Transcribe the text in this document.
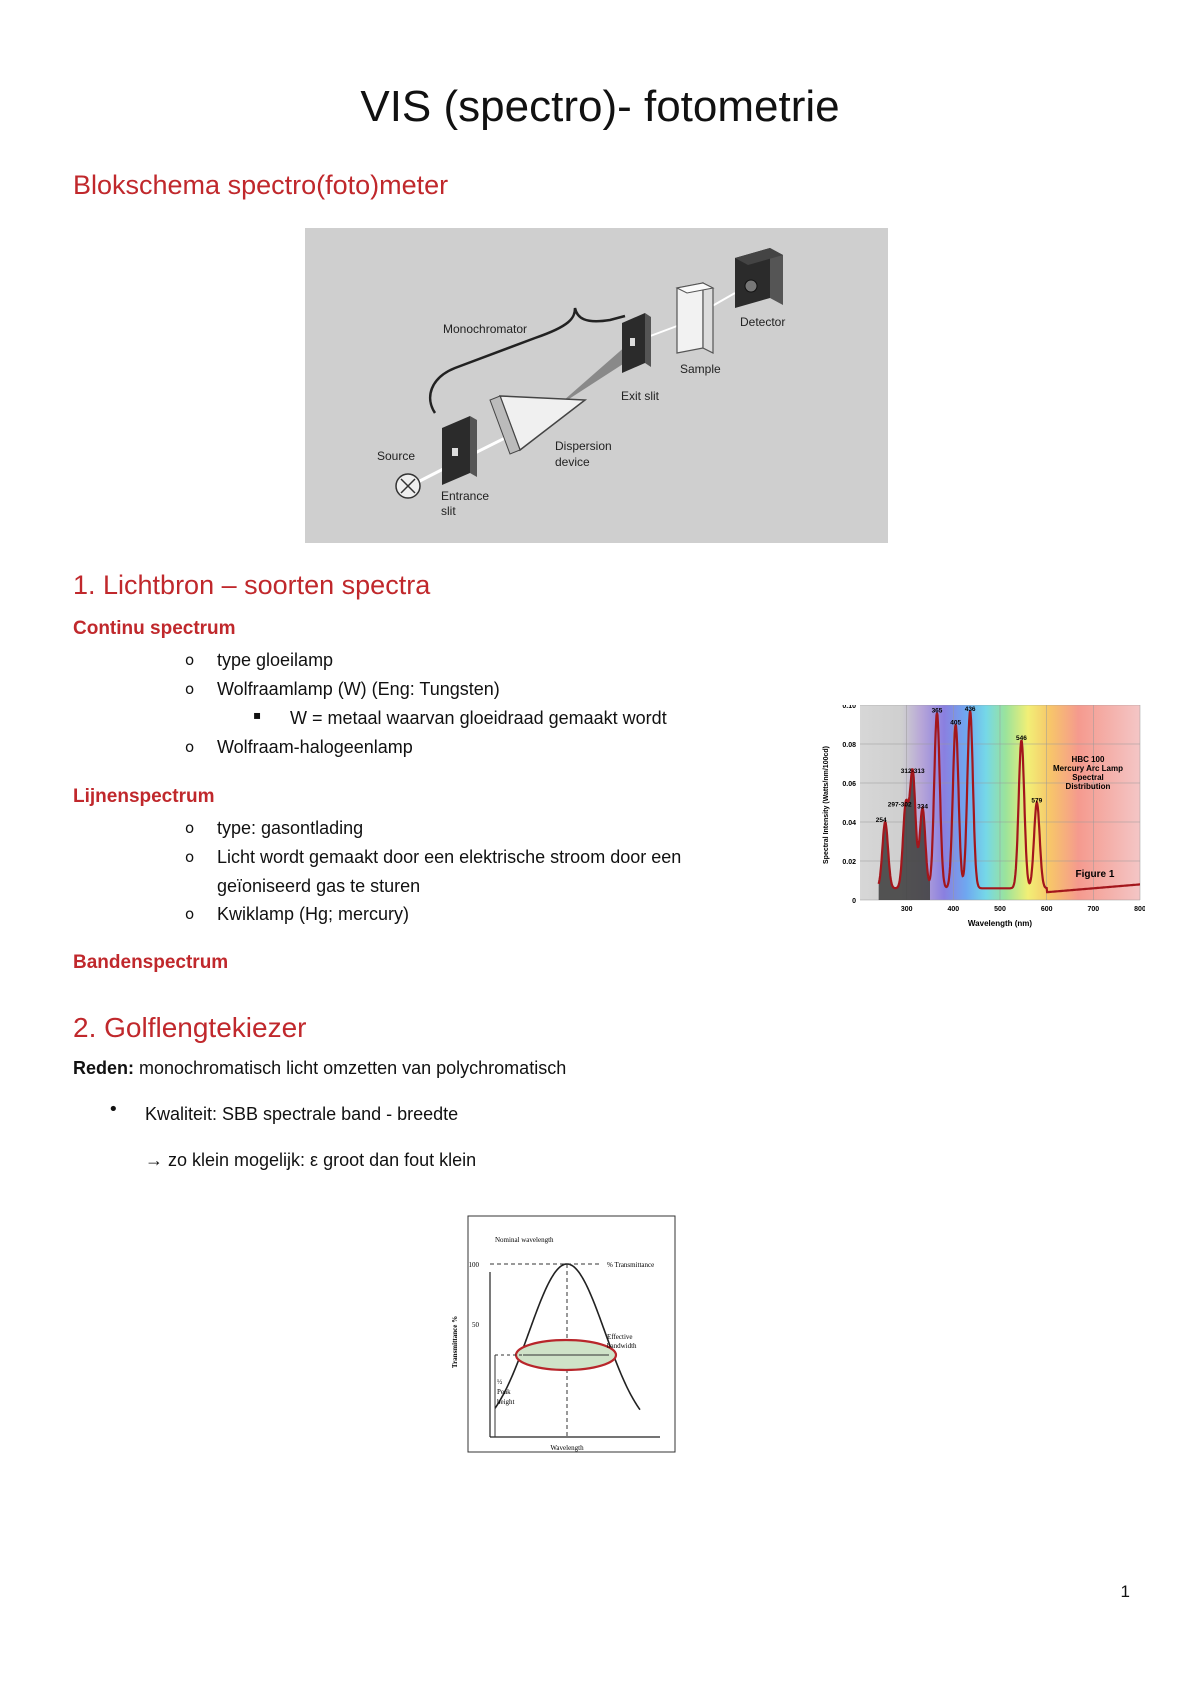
VIS (spectro)- fotometrie
Blokschema spectro(foto)meter
Monochromator	Detector
Sample
Exit slit
Source
Dispersion
device
Entrance
slit
1. Lichtbron – soorten spectra
Continu spectrum
o type gloeilamp

o Wolfraamlamp (W) (Eng: Tungsten)

▪ W = metaal waarvan gloeidraad gemaakt wordt

o Wolfraam-halogeenlamp

Lijnenspectrum
o type: gasontlading

o Licht wordt gemaakt door een elektrische stroom door een

geïoniseerd gas te sturen

o Kwiklamp (Hg; mercury)

Bandenspectrum
254
297-302
312-313
334
365
405
436
546
579
0
0.02
0.04
0.06
0.08
0.10
300	400	500	600	700	800
Wavelength (nm)
Spectral Intensity (Watts/nm/100cd)	HBC 100
Mercury Arc Lamp
Spectral
Distribution
Figure 1
2. Golflengtekiezer

Reden: monochromatisch licht omzetten van polychromatisch

• Kwaliteit: SBB spectrale band - breedte

→ zo klein mogelijk: ε groot dan fout klein

100
50
Transmittance %
Wavelength
Nominal wavelength
% Transmittance
Effective
bandwidth
½
Peak
height
1
